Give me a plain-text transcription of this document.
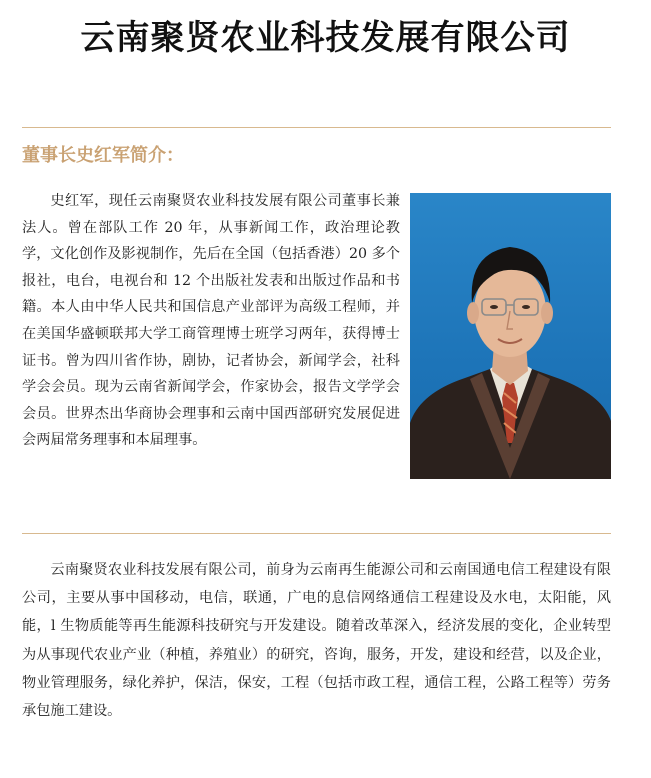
云南聚贤农业科技发展有限公司
董事长史红军简介：

史红军，现任云南聚贤农业科技发展有限公司董事长兼法人。曾在部队工作 20 年，从事新闻工作，政治理论教学，文化创作及影视制作，先后在全国（包括香港）20 多个报社，电台，电视台和 12 个出版社发表和出版过作品和书籍。本人由中华人民共和国信息产业部评为高级工程师，并在美国华盛顿联邦大学工商管理博士班学习两年，获得博士证书。曾为四川省作协，剧协，记者协会，新闻学会，社科学会会员。现为云南省新闻学会，作家协会，报告文学学会会员。世界杰出华商协会理事和云南中国西部研究发展促进会两届常务理事和本届理事。

云南聚贤农业科技发展有限公司，前身为云南再生能源公司和云南国通电信工程建设有限公司，主要从事中国移动，电信，联通，广电的息信网络通信工程建设及水电，太阳能，风能，l 生物质能等再生能源科技研究与开发建设。随着改革深入，经济发展的变化，企业转型为从事现代农业产业（种植，养殖业）的研究，咨询，服务，开发，建设和经营，以及企业，物业管理服务，绿化养护，保洁，保安，工程（包括市政工程，通信工程，公路工程等）劳务承包施工建设。
